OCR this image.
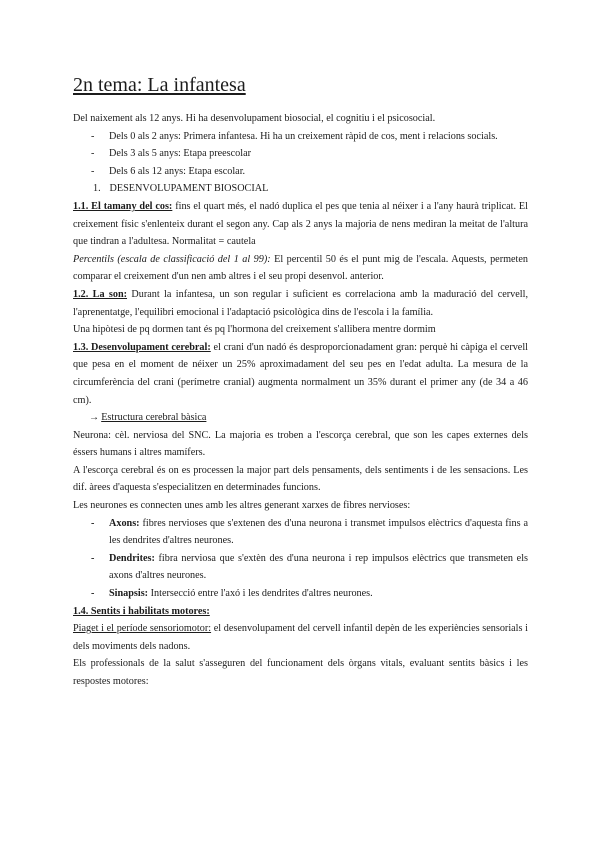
2n tema: La infantesa

Del naixement als 12 anys. Hi ha desenvolupament biosocial, el cognitiu i el psicosocial.

- Dels 0 als 2 anys: Primera infantesa. Hi ha un creixement ràpid de cos, ment i relacions socials.
- Dels 3 als 5 anys: Etapa preescolar
- Dels 6 als 12 anys: Etapa escolar.
1. DESENVOLUPAMENT BIOSOCIAL

1.1. El tamany del cos: fins el quart més, el nadó duplica el pes que tenia al néixer i a l'any haurà triplicat. El creixement físic s'enlenteix durant el segon any. Cap als 2 anys la majoria de nens mediran la meitat de l'altura que tindran a l'adultesa. Normalitat = cautela

Percentils (escala de classificació del 1 al 99): El percentil 50 és el punt mig de l'escala. Aquests, permeten comparar el creixement d'un nen amb altres i el seu propi desenvol. anterior.

1.2. La son: Durant la infantesa, un son regular i suficient es correlaciona amb la maduració del cervell, l'aprenentatge, l'equilibri emocional i l'adaptació psicològica dins de l'escola i la família.

Una hipòtesi de pq dormen tant és pq l'hormona del creixement s'allibera mentre dormim

1.3. Desenvolupament cerebral: el crani d'un nadó és desproporcionadament gran: perquè hi càpiga el cervell que pesa en el moment de néixer un 25% aproximadament del seu pes en l'edat adulta. La mesura de la circumferència del crani (perímetre cranial) augmenta normalment un 35% durant el primer any (de 34 a 46 cm).

→ Estructura cerebral bàsica

Neurona: cèl. nerviosa del SNC. La majoria es troben a l'escorça cerebral, que son les capes externes dels éssers humans i altres mamífers.

A l'escorça cerebral és on es processen la major part dels pensaments, dels sentiments i de les sensacions. Les dif. àrees d'aquesta s'especialitzen en determinades funcions.

Les neurones es connecten unes amb les altres generant xarxes de fibres nervioses:

- Axons: fibres nervioses que s'extenen des d'una neurona i transmet impulsos elèctrics d'aquesta fins a les dendrites d'altres neurones.
- Dendrites: fibra nerviosa que s'extèn des d'una neurona i rep impulsos elèctrics que transmeten els axons d'altres neurones.
- Sinapsis: Intersecció entre l'axó i les dendrites d'altres neurones.

1.4. Sentits i habilitats motores:

Piaget i el període sensoriomotor: el desenvolupament del cervell infantil depèn de les experiències sensorials i dels moviments dels nadons.

Els professionals de la salut s'asseguren del funcionament dels òrgans vitals, evaluant sentits bàsics i les respostes motores:
